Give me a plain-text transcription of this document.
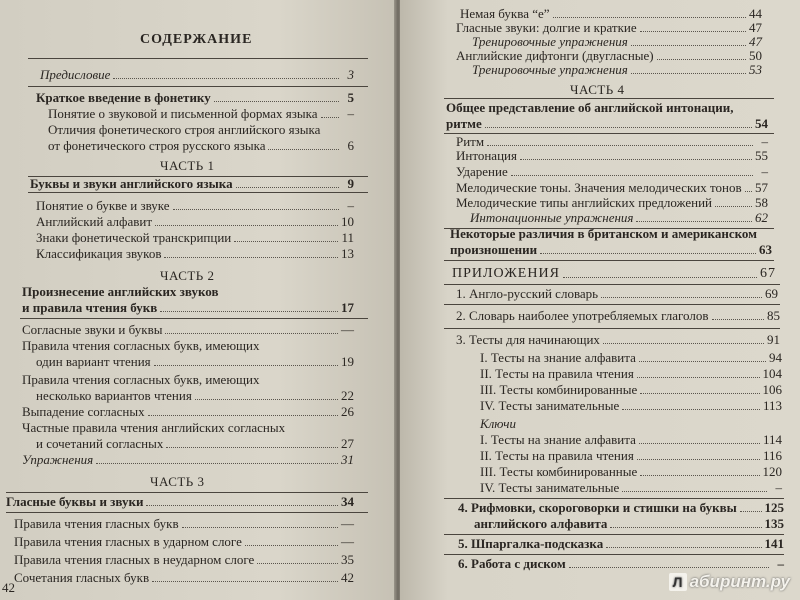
СОДЕРЖАНИЕ
Предисловие	3
Краткое введение в фонетику	5
Понятие о звуковой и письменной формах языка	–
Отличия фонетического строя английского языка
от фонетического строя русского языка	6
ЧАСТЬ 1
Буквы и звуки английского языка	9
Понятие о букве и звуке	–
Английский алфавит	10
Знаки фонетической транскрипции	11
Классификация звуков	13
ЧАСТЬ 2
Произнесение английских звуков
и правила чтения букв	17
Согласные звуки и буквы	—
Правила чтения согласных букв, имеющих
один вариант чтения	19
Правила чтения согласных букв, имеющих
несколько вариантов чтения	22
Выпадение согласных	26
Частные правила чтения английских согласных
и сочетаний согласных	27
Упражнения	31
ЧАСТЬ 3
Гласные буквы и звуки	34
Правила чтения гласных букв	—
Правила чтения гласных в ударном слоге	—
Правила чтения гласных в неударном слоге	35
Сочетания гласных букв	42
42
Немая буква “e”	44
Гласные звуки: долгие и краткие	47
Тренировочные упражнения	47
Английские дифтонги (двугласные)	50
Тренировочные упражнения	53
ЧАСТЬ 4
Общее представление об английской интонации,
ритме	54
Ритм	–
Интонация	55
Ударение	–
Мелодические тоны. Значения мелодических тонов 57
Мелодические типы английских предложений	58
Интонационные упражнения	62
Некоторые различия в британском и американском
произношении	63
ПРИЛОЖЕНИЯ	67
1. Англо-русский словарь	69
2. Словарь наиболее употребляемых глаголов	85
3. Тесты для начинающих	91
I. Тесты на знание алфавита	94
II. Тесты на правила чтения	104
III. Тесты комбинированные	106
IV. Тесты занимательные	113
Ключи
I. Тесты на знание алфавита	114
II. Тесты на правила чтения	116
III. Тесты комбинированные	120
IV. Тесты занимательные	–
4. Рифмовки, скороговорки и стишки на буквы 125
английского алфавита	135
5. Шпаргалка-подсказка	141
6. Работа с диском	–
Л абиринт.ру
